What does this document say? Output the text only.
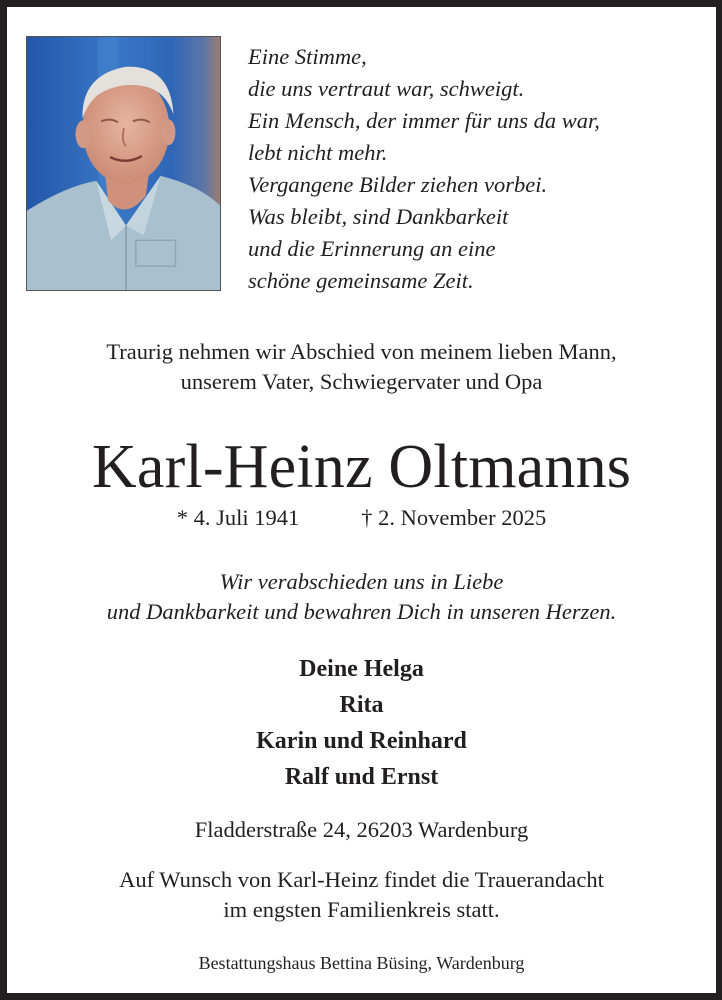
Eine Stimme,
die uns vertraut war, schweigt.
Ein Mensch, der immer für uns da war,
lebt nicht mehr.
Vergangene Bilder ziehen vorbei.
Was bleibt, sind Dankbarkeit
und die Erinnerung an eine
schöne gemeinsame Zeit.
Traurig nehmen wir Abschied von meinem lieben Mann,
unserem Vater, Schwiegervater und Opa
Karl-Heinz Oltmanns
* 4. Juli 1941	† 2. November 2025
Wir verabschieden uns in Liebe
und Dankbarkeit und bewahren Dich in unseren Herzen.
Deine Helga
Rita
Karin und Reinhard
Ralf und Ernst
Fladderstraße 24, 26203 Wardenburg
Auf Wunsch von Karl-Heinz findet die Trauerandacht
im engsten Familienkreis statt.
Bestattungshaus Bettina Büsing, Wardenburg
